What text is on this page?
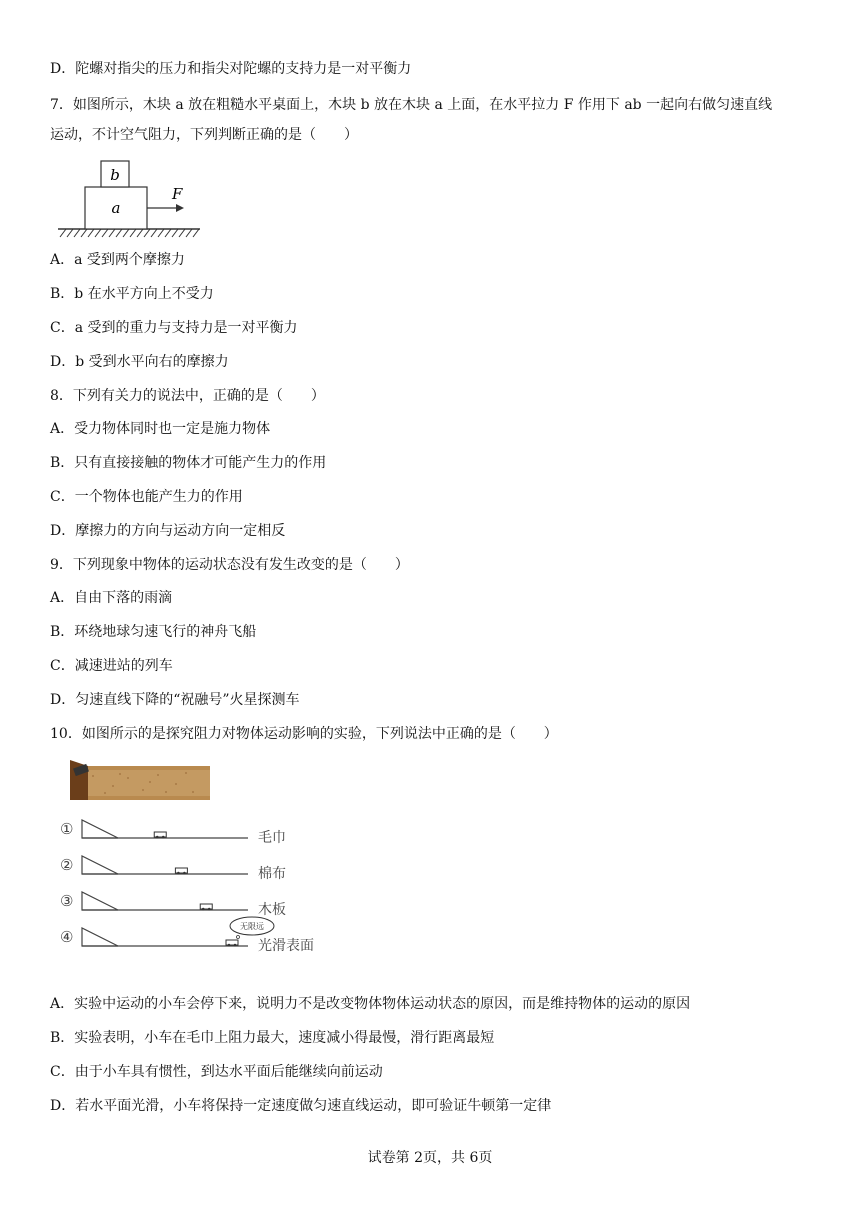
D．陀螺对指尖的压力和指尖对陀螺的支持力是一对平衡力
7．如图所示，木块 a 放在粗糙水平桌面上，木块 b 放在木块 a 上面，在水平拉力 F 作用下 ab 一起向右做匀速直线
运动，不计空气阻力，下列判断正确的是（　　）
a
b
F
A．a 受到两个摩擦力
B．b 在水平方向上不受力
C．a 受到的重力与支持力是一对平衡力
D．b 受到水平向右的摩擦力
8．下列有关力的说法中，正确的是（　　）
A．受力物体同时也一定是施力物体
B．只有直接接触的物体才可能产生力的作用
C．一个物体也能产生力的作用
D．摩擦力的方向与运动方向一定相反
9．下列现象中物体的运动状态没有发生改变的是（　　）
A．自由下落的雨滴
B．环绕地球匀速飞行的神舟飞船
C．减速进站的列车
D．匀速直线下降的“祝融号”火星探测车
10．如图所示的是探究阻力对物体运动影响的实验，下列说法中正确的是（　　）
①	毛巾
②	棉布
③	木板
④	光滑表面
无限远
A．实验中运动的小车会停下来，说明力不是改变物体物体运动状态的原因，而是维持物体的运动的原因
B．实验表明，小车在毛巾上阻力最大，速度减小得最慢，滑行距离最短
C．由于小车具有惯性，到达水平面后能继续向前运动
D．若水平面光滑，小车将保持一定速度做匀速直线运动，即可验证牛顿第一定律
试卷第 2页，共 6页
